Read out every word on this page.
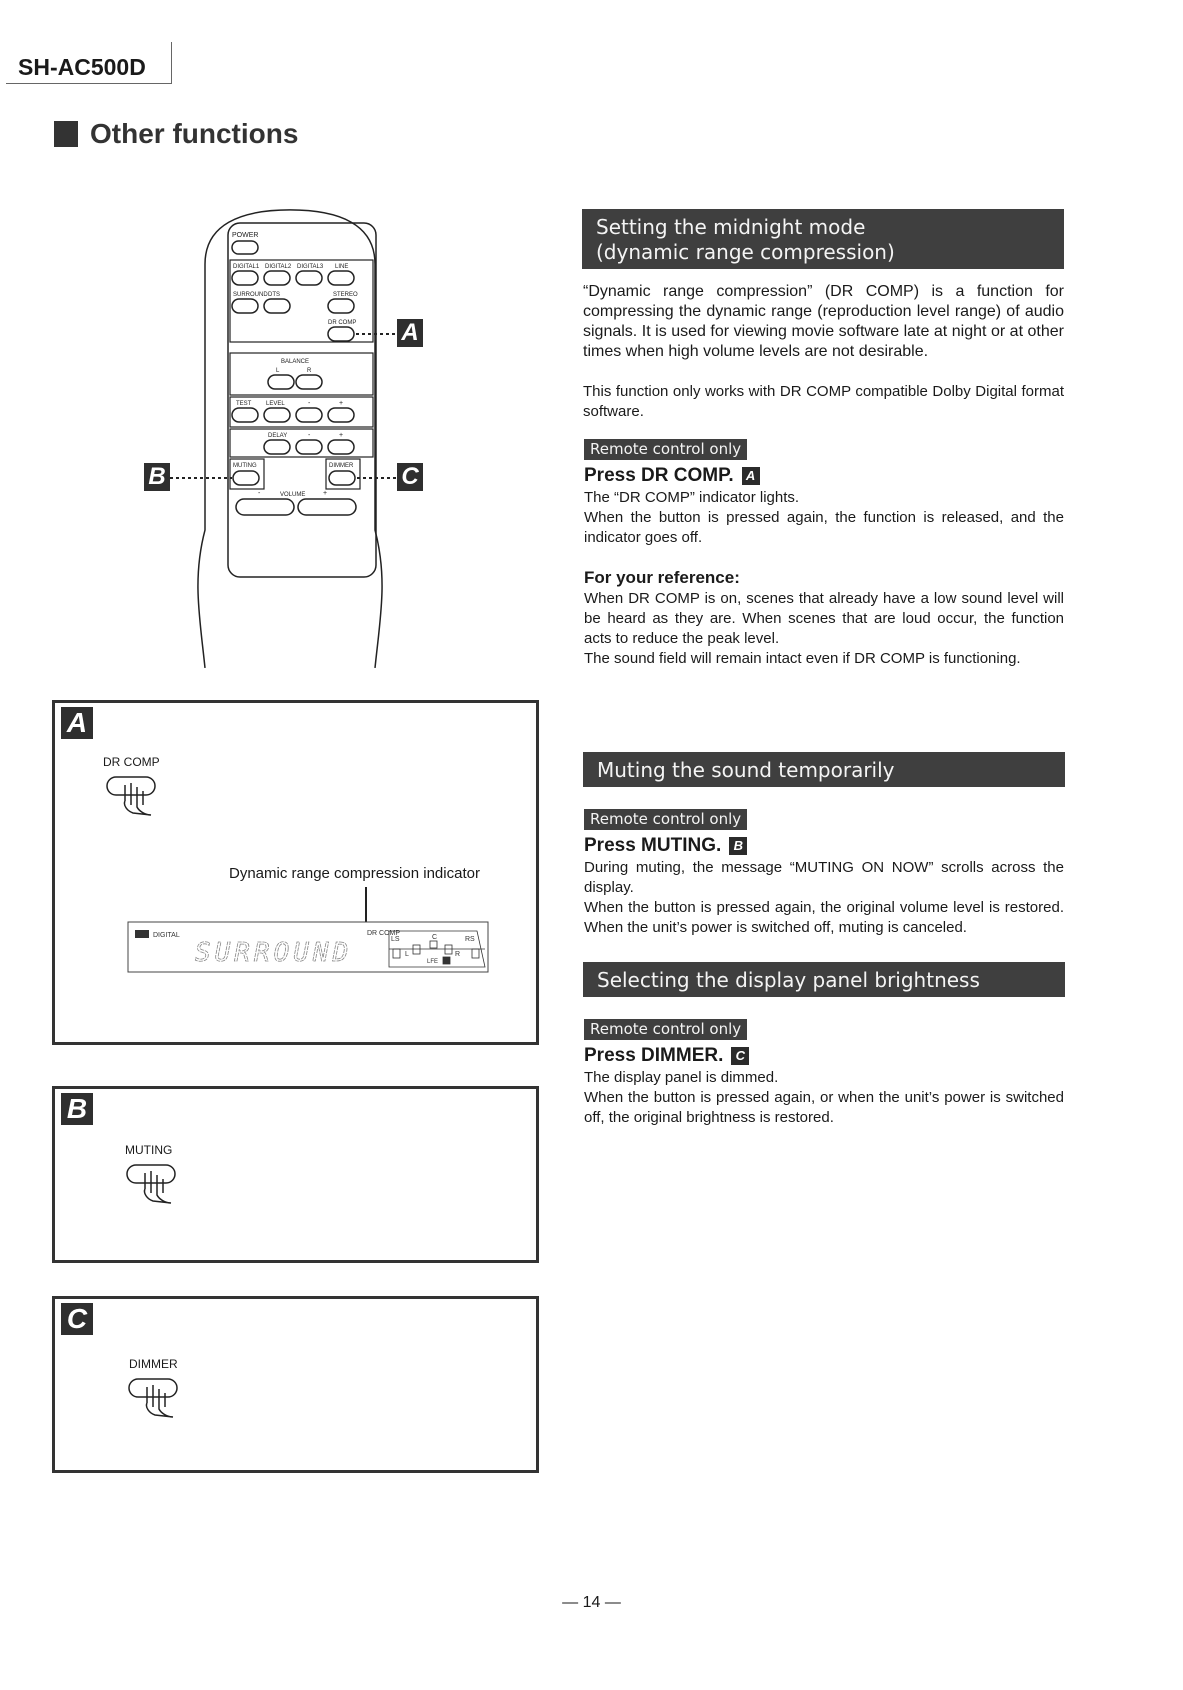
SH-AC500D
Other functions
POWER
DIGITAL1 DIGITAL2 DIGITAL3 LINE
SURROUND DTS	STEREO
DR COMP
BALANCE
L	R
TEST LEVEL	-	+
DELAY	-	+
MUTING	DIMMER
-	VOLUME	+
A
B	C
A
DR COMP
Dynamic range compression indicator
DIGITAL
SURROUND
DR COMP
C
LS	RS
L	R
LFE
B
MUTING
C
DIMMER
Setting the midnight mode
(dynamic range compression)

“Dynamic range compression” (DR COMP) is a function for compressing the dynamic range (reproduction level range) of audio signals. It is used for viewing movie software late at night or at other times when high volume levels are not desirable.

This function only works with DR COMP compatible Dolby Digital format software.

Remote control only
Press DR COMP. A

The “DR COMP” indicator lights.

When the button is pressed again, the function is released, and the indicator goes off.

For your reference:

When DR COMP is on, scenes that already have a low sound level will be heard as they are. When scenes that are loud occur, the function acts to reduce the peak level.

The sound field will remain intact even if DR COMP is functioning.

Muting the sound temporarily
Remote control only
Press MUTING. B

During muting, the message “MUTING ON NOW” scrolls across the display.

When the button is pressed again, the original volume level is restored. When the unit’s power is switched off, muting is canceled.

Selecting the display panel brightness
Remote control only
Press DIMMER. C

The display panel is dimmed.

When the button is pressed again, or when the unit’s power is switched off, the original brightness is restored.

— 14 —
